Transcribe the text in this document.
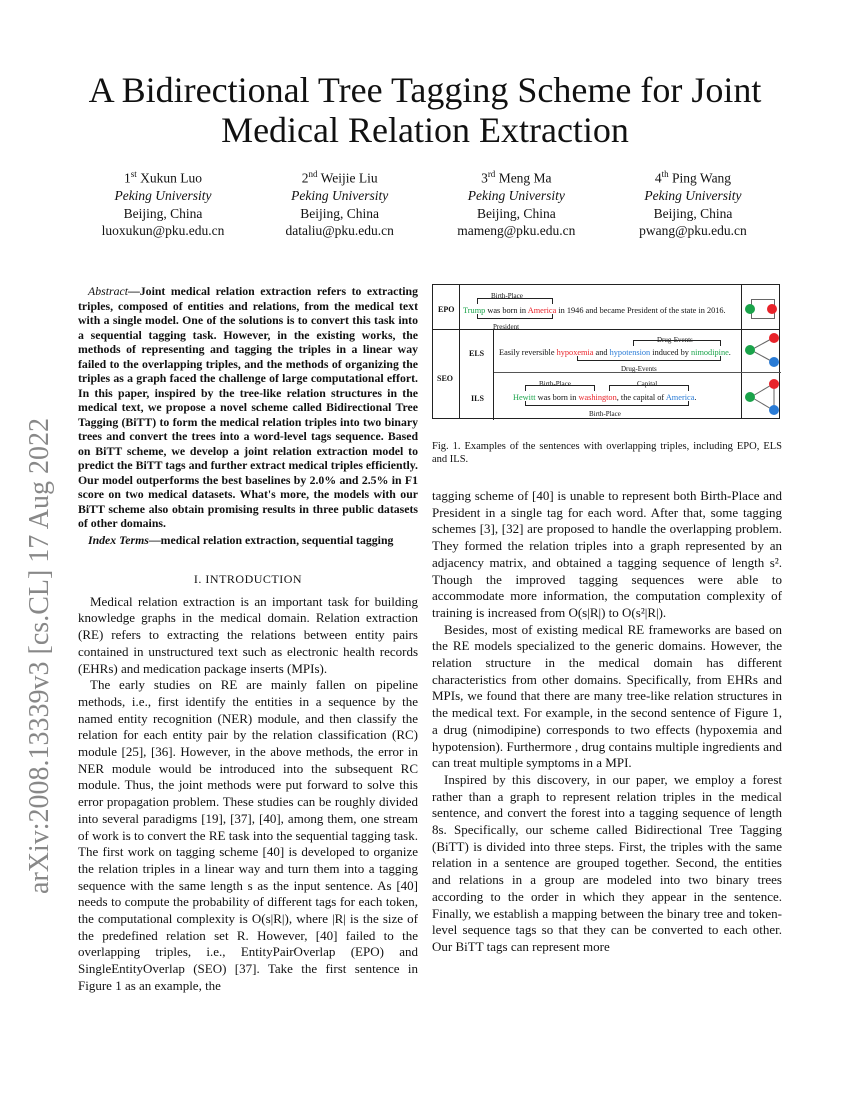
arXiv:2008.13339v3 [cs.CL] 17 Aug 2022
A Bidirectional Tree Tagging Scheme for Joint Medical Relation Extraction
1st Xukun Luo
Peking University
Beijing, China
luoxukun@pku.edu.cn
2nd Weijie Liu
Peking University
Beijing, China
dataliu@pku.edu.cn
3rd Meng Ma
Peking University
Beijing, China
mameng@pku.edu.cn
4th Ping Wang
Peking University
Beijing, China
pwang@pku.edu.cn

Abstract—Joint medical relation extraction refers to extracting triples, composed of entities and relations, from the medical text with a single model. One of the solutions is to convert this task into a sequential tagging task. However, in the existing works, the methods of representing and tagging the triples in a linear way failed to the overlapping triples, and the methods of organizing the triples as a graph faced the challenge of large computational effort. In this paper, inspired by the tree-like relation structures in the medical text, we propose a novel scheme called Bidirectional Tree Tagging (BiTT) to form the medical relation triples into two binary trees and convert the trees into a word-level tags sequence. Based on BiTT scheme, we develop a joint relation extraction model to predict the BiTT tags and further extract medical triples efficiently. Our model outperforms the best baselines by 2.0% and 2.5% in F1 score on two medical datasets. What's more, the models with our BiTT scheme also obtain promising results in three public datasets of other domains.

Index Terms—medical relation extraction, sequential tagging

I. INTRODUCTION

Medical relation extraction is an important task for building knowledge graphs in the medical domain. Relation extraction (RE) refers to extracting the relations between entity pairs contained in unstructured text such as electronic health records (EHRs) and medication package inserts (MPIs).

The early studies on RE are mainly fallen on pipeline methods, i.e., first identify the entities in a sequence by the named entity recognition (NER) module, and then classify the relation for each entity pair by the relation classification (RC) module [25], [36]. However, in the above methods, the error in NER module would be introduced into the subsequent RC module. Thus, the joint methods were put forward to solve this error propagation problem. These studies can be roughly divided into several paradigms [19], [37], [40], among them, one stream of work is to convert the RE task into the sequential tagging task. The first work on tagging scheme [40] is developed to organize the relation triples in a linear way and turn them into a tagging sequence with the same length s as the input sentence. As [40] needs to compute the probability of different tags for each token, the computational complexity is O(s|R|), where |R| is the size of the predefined relation set R. However, [40] failed to the overlapping triples, i.e., EntityPairOverlap (EPO) and SingleEntityOverlap (SEO) [37]. Take the first sentence in Figure 1 as an example, the

EPO
Birth-Place
Trump was born in America in 1946 and became President of the state in 2016.
President
SEO
ELS
Drug-Events
Easily reversible hypoxemia and hypotension induced by nimodipine.
Drug-Events
ILS
Birth-Place	Capital
Hewitt was born in washington, the capital of America.
Birth-Place
Fig. 1. Examples of the sentences with overlapping triples, including EPO, ELS and ILS.

tagging scheme of [40] is unable to represent both Birth-Place and President in a single tag for each word. After that, some tagging schemes [3], [32] are proposed to handle the overlapping problem. They formed the relation triples into a graph represented by an adjacency matrix, and obtained a tagging sequence of length s². Though the improved tagging sequences were able to accommodate more information, the computation complexity of training is increased from O(s|R|) to O(s²|R|).

Besides, most of existing medical RE frameworks are based on the RE models specialized to the generic domains. However, the relation structure in the medical domain has different characteristics from other domains. Specifically, from EHRs and MPIs, we found that there are many tree-like relation structures in the medical text. For example, in the second sentence of Figure 1, a drug (nimodipine) corresponds to two effects (hypoxemia and hypotension). Furthermore , drug contains multiple ingredients and can treat multiple symptoms in a MPI.

Inspired by this discovery, in our paper, we employ a forest rather than a graph to represent relation triples in the medical sentence, and convert the forest into a tagging sequence of length 8s. Specifically, our scheme called Bidirectional Tree Tagging (BiTT) is divided into three steps. First, the triples with the same relation in a sentence are grouped together. Second, the entities and relations in a group are modeled into two binary trees according to the order in which they appear in the sentence. Finally, we establish a mapping between the binary tree and token-level sequence tags so that they can be converted to each other. Our BiTT tags can represent more
